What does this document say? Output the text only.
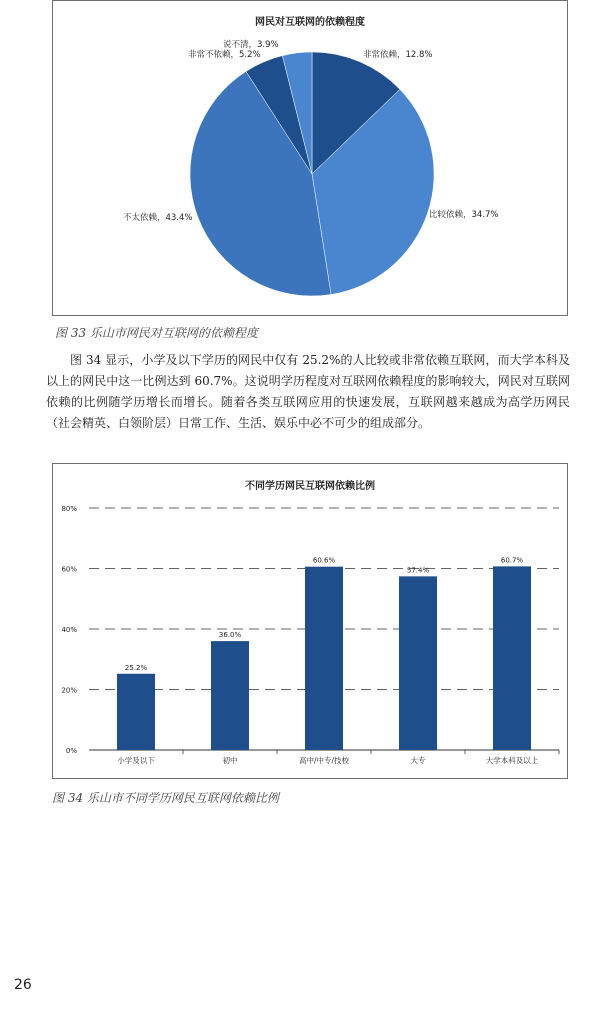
网民对互联网的依赖程度
非常依赖，12.8%
比较依赖，34.7%
不太依赖，43.4%
非常不依赖，5.2%
说不清，3.9%
图 33 乐山市网民对互联网的依赖程度
图 34 显示，小学及以下学历的网民中仅有 25.2%的人比较或非常依赖互联网，而大学本科及以上的网民中这一比例达到 60.7%。这说明学历程度对互联网依赖程度的影响较大，网民对互联网依赖的比例随学历增长而增长。随着各类互联网应用的快速发展，互联网越来越成为高学历网民（社会精英、白领阶层）日常工作、生活、娱乐中必不可少的组成部分。
不同学历网民互联网依赖比例
0%
20%
40%
60%
80%
25.2%
小学及以下
36.0%
初中
60.6%
高中/中专/技校
57.4%
大专
60.7%
大学本科及以上
图 34 乐山市不同学历网民互联网依赖比例
26
